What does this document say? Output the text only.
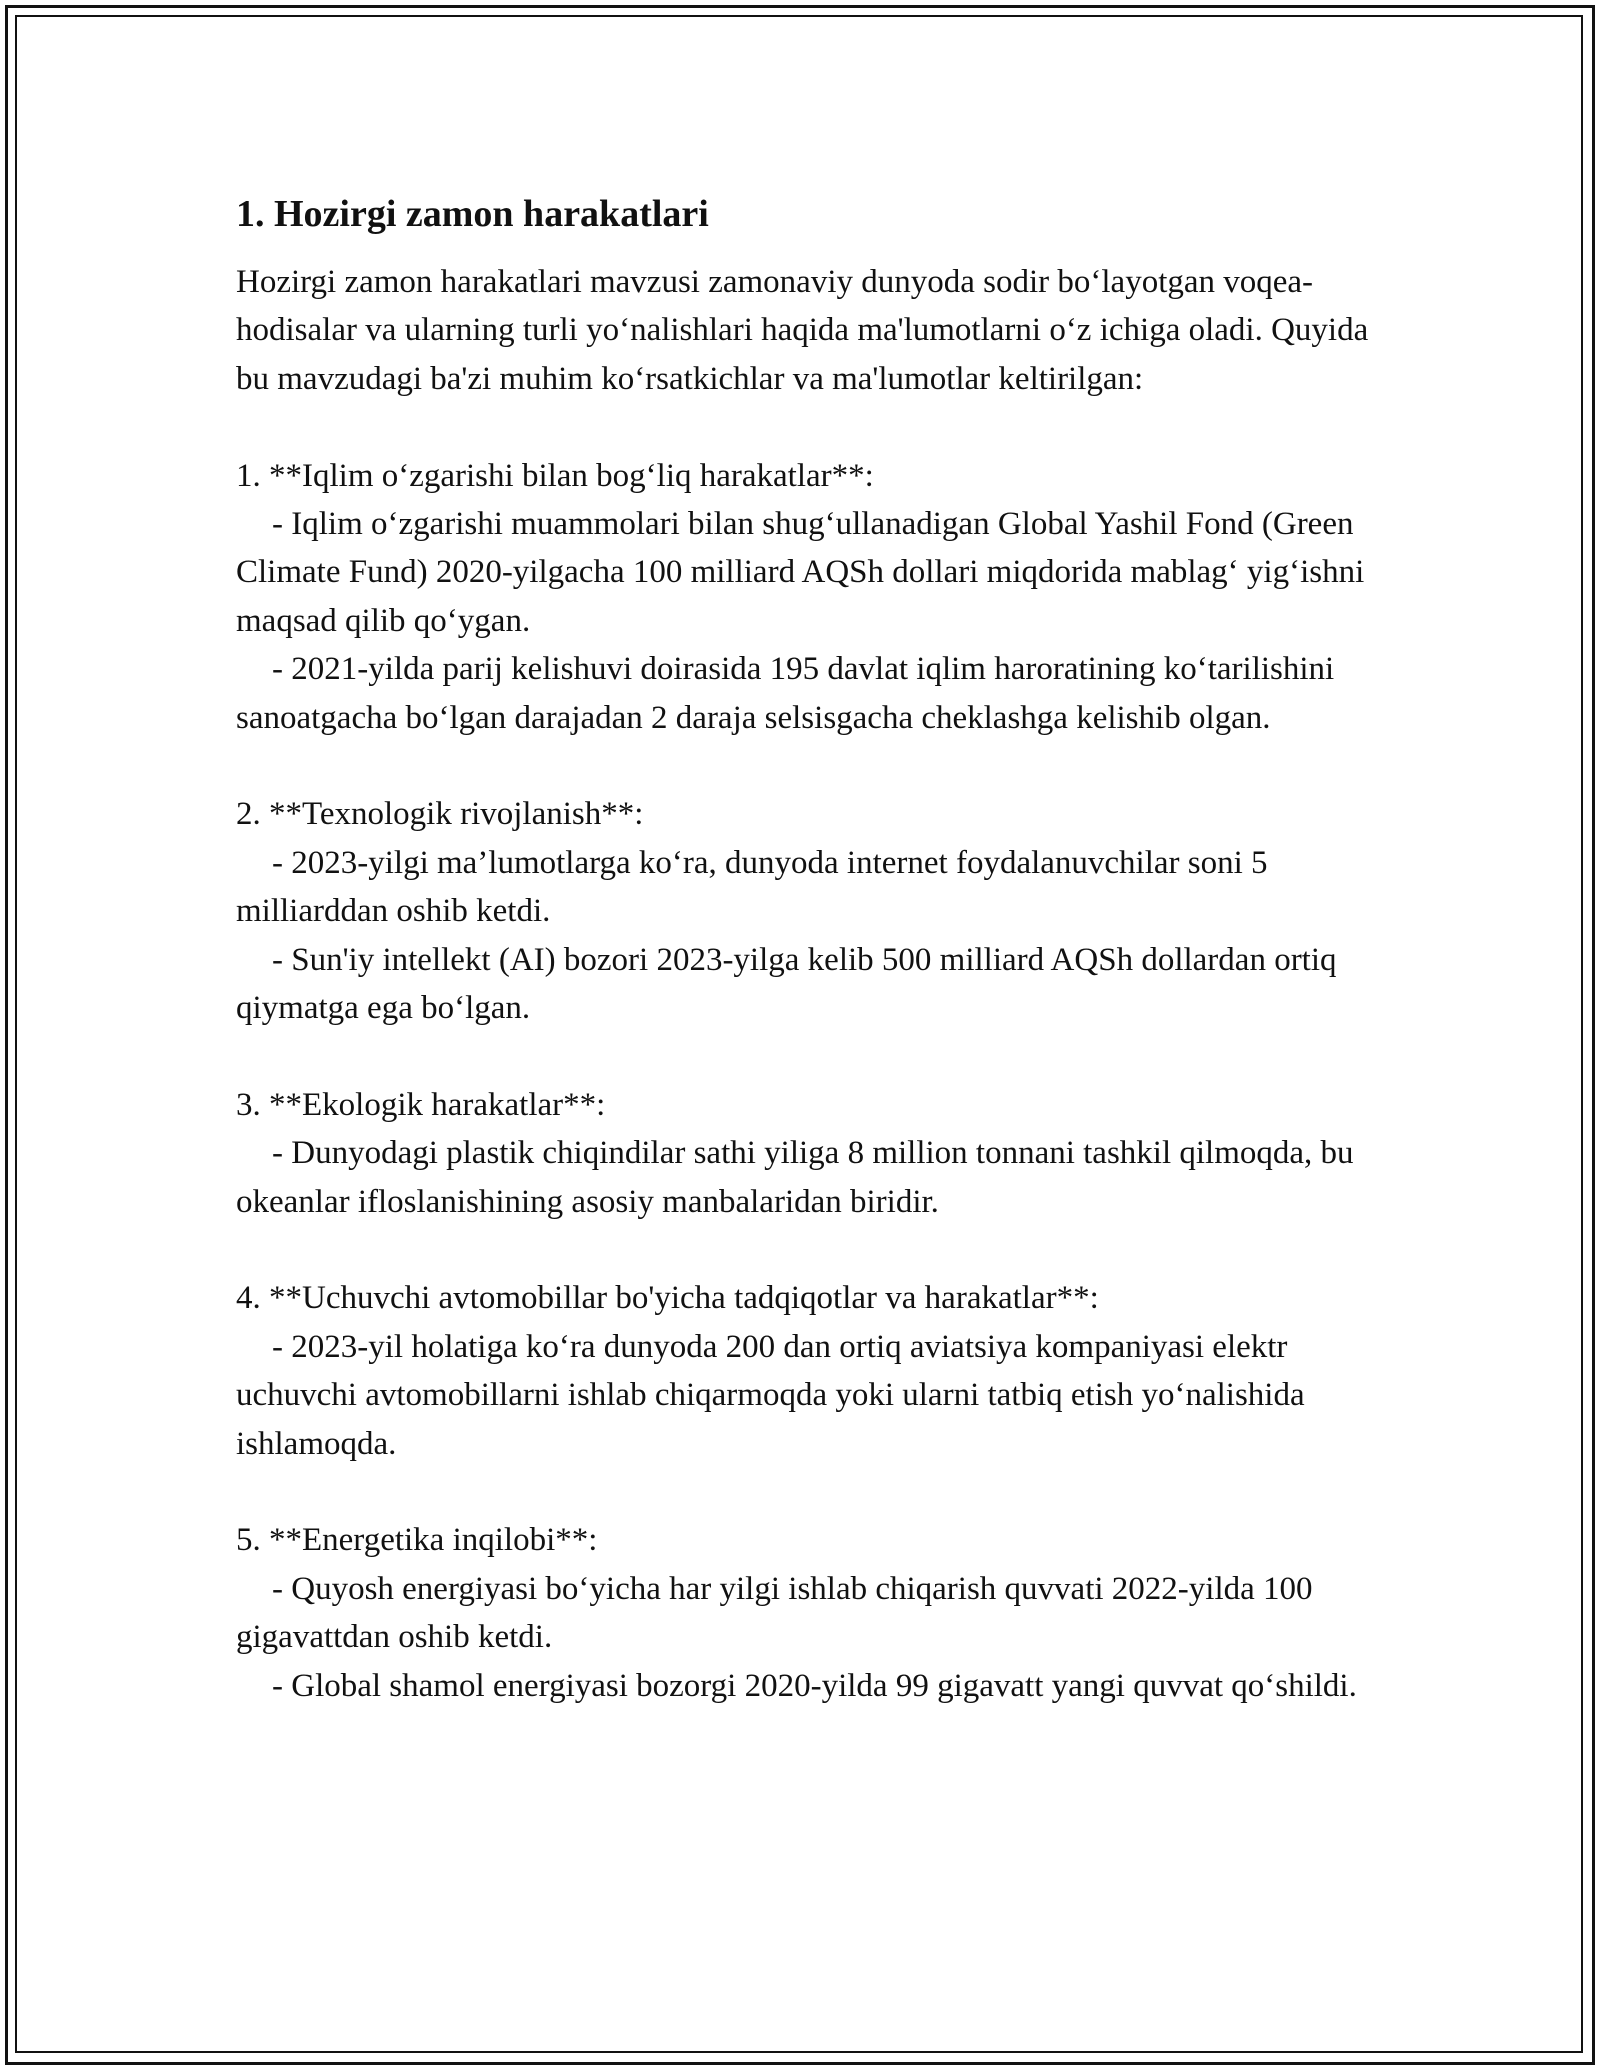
1. Hozirgi zamon harakatlari

Hozirgi zamon harakatlari mavzusi zamonaviy dunyoda sodir bo‘layotgan voqea-hodisalar va ularning turli yo‘nalishlari haqida ma'lumotlarni o‘z ichiga oladi. Quyida bu mavzudagi ba'zi muhim ko‘rsatkichlar va ma'lumotlar keltirilgan:

1. **Iqlim o‘zgarishi bilan bog‘liq harakatlar**:

- Iqlim o‘zgarishi muammolari bilan shug‘ullanadigan Global Yashil Fond (Green Climate Fund) 2020-yilgacha 100 milliard AQSh dollari miqdorida mablag‘ yig‘ishni maqsad qilib qo‘ygan.

- 2021-yilda parij kelishuvi doirasida 195 davlat iqlim haroratining ko‘tarilishini sanoatgacha bo‘lgan darajadan 2 daraja selsisgacha cheklashga kelishib olgan.

2. **Texnologik rivojlanish**:

- 2023-yilgi ma’lumotlarga ko‘ra, dunyoda internet foydalanuvchilar soni 5 milliarddan oshib ketdi.

- Sun'iy intellekt (AI) bozori 2023-yilga kelib 500 milliard AQSh dollardan ortiq qiymatga ega bo‘lgan.

3. **Ekologik harakatlar**:

- Dunyodagi plastik chiqindilar sathi yiliga 8 million tonnani tashkil qilmoqda, bu okeanlar ifloslanishining asosiy manbalaridan biridir.

4. **Uchuvchi avtomobillar bo'yicha tadqiqotlar va harakatlar**:

- 2023-yil holatiga ko‘ra dunyoda 200 dan ortiq aviatsiya kompaniyasi elektr uchuvchi avtomobillarni ishlab chiqarmoqda yoki ularni tatbiq etish yo‘nalishida ishlamoqda.

5. **Energetika inqilobi**:

- Quyosh energiyasi bo‘yicha har yilgi ishlab chiqarish quvvati 2022-yilda 100 gigavattdan oshib ketdi.

- Global shamol energiyasi bozorgi 2020-yilda 99 gigavatt yangi quvvat qo‘shildi.
